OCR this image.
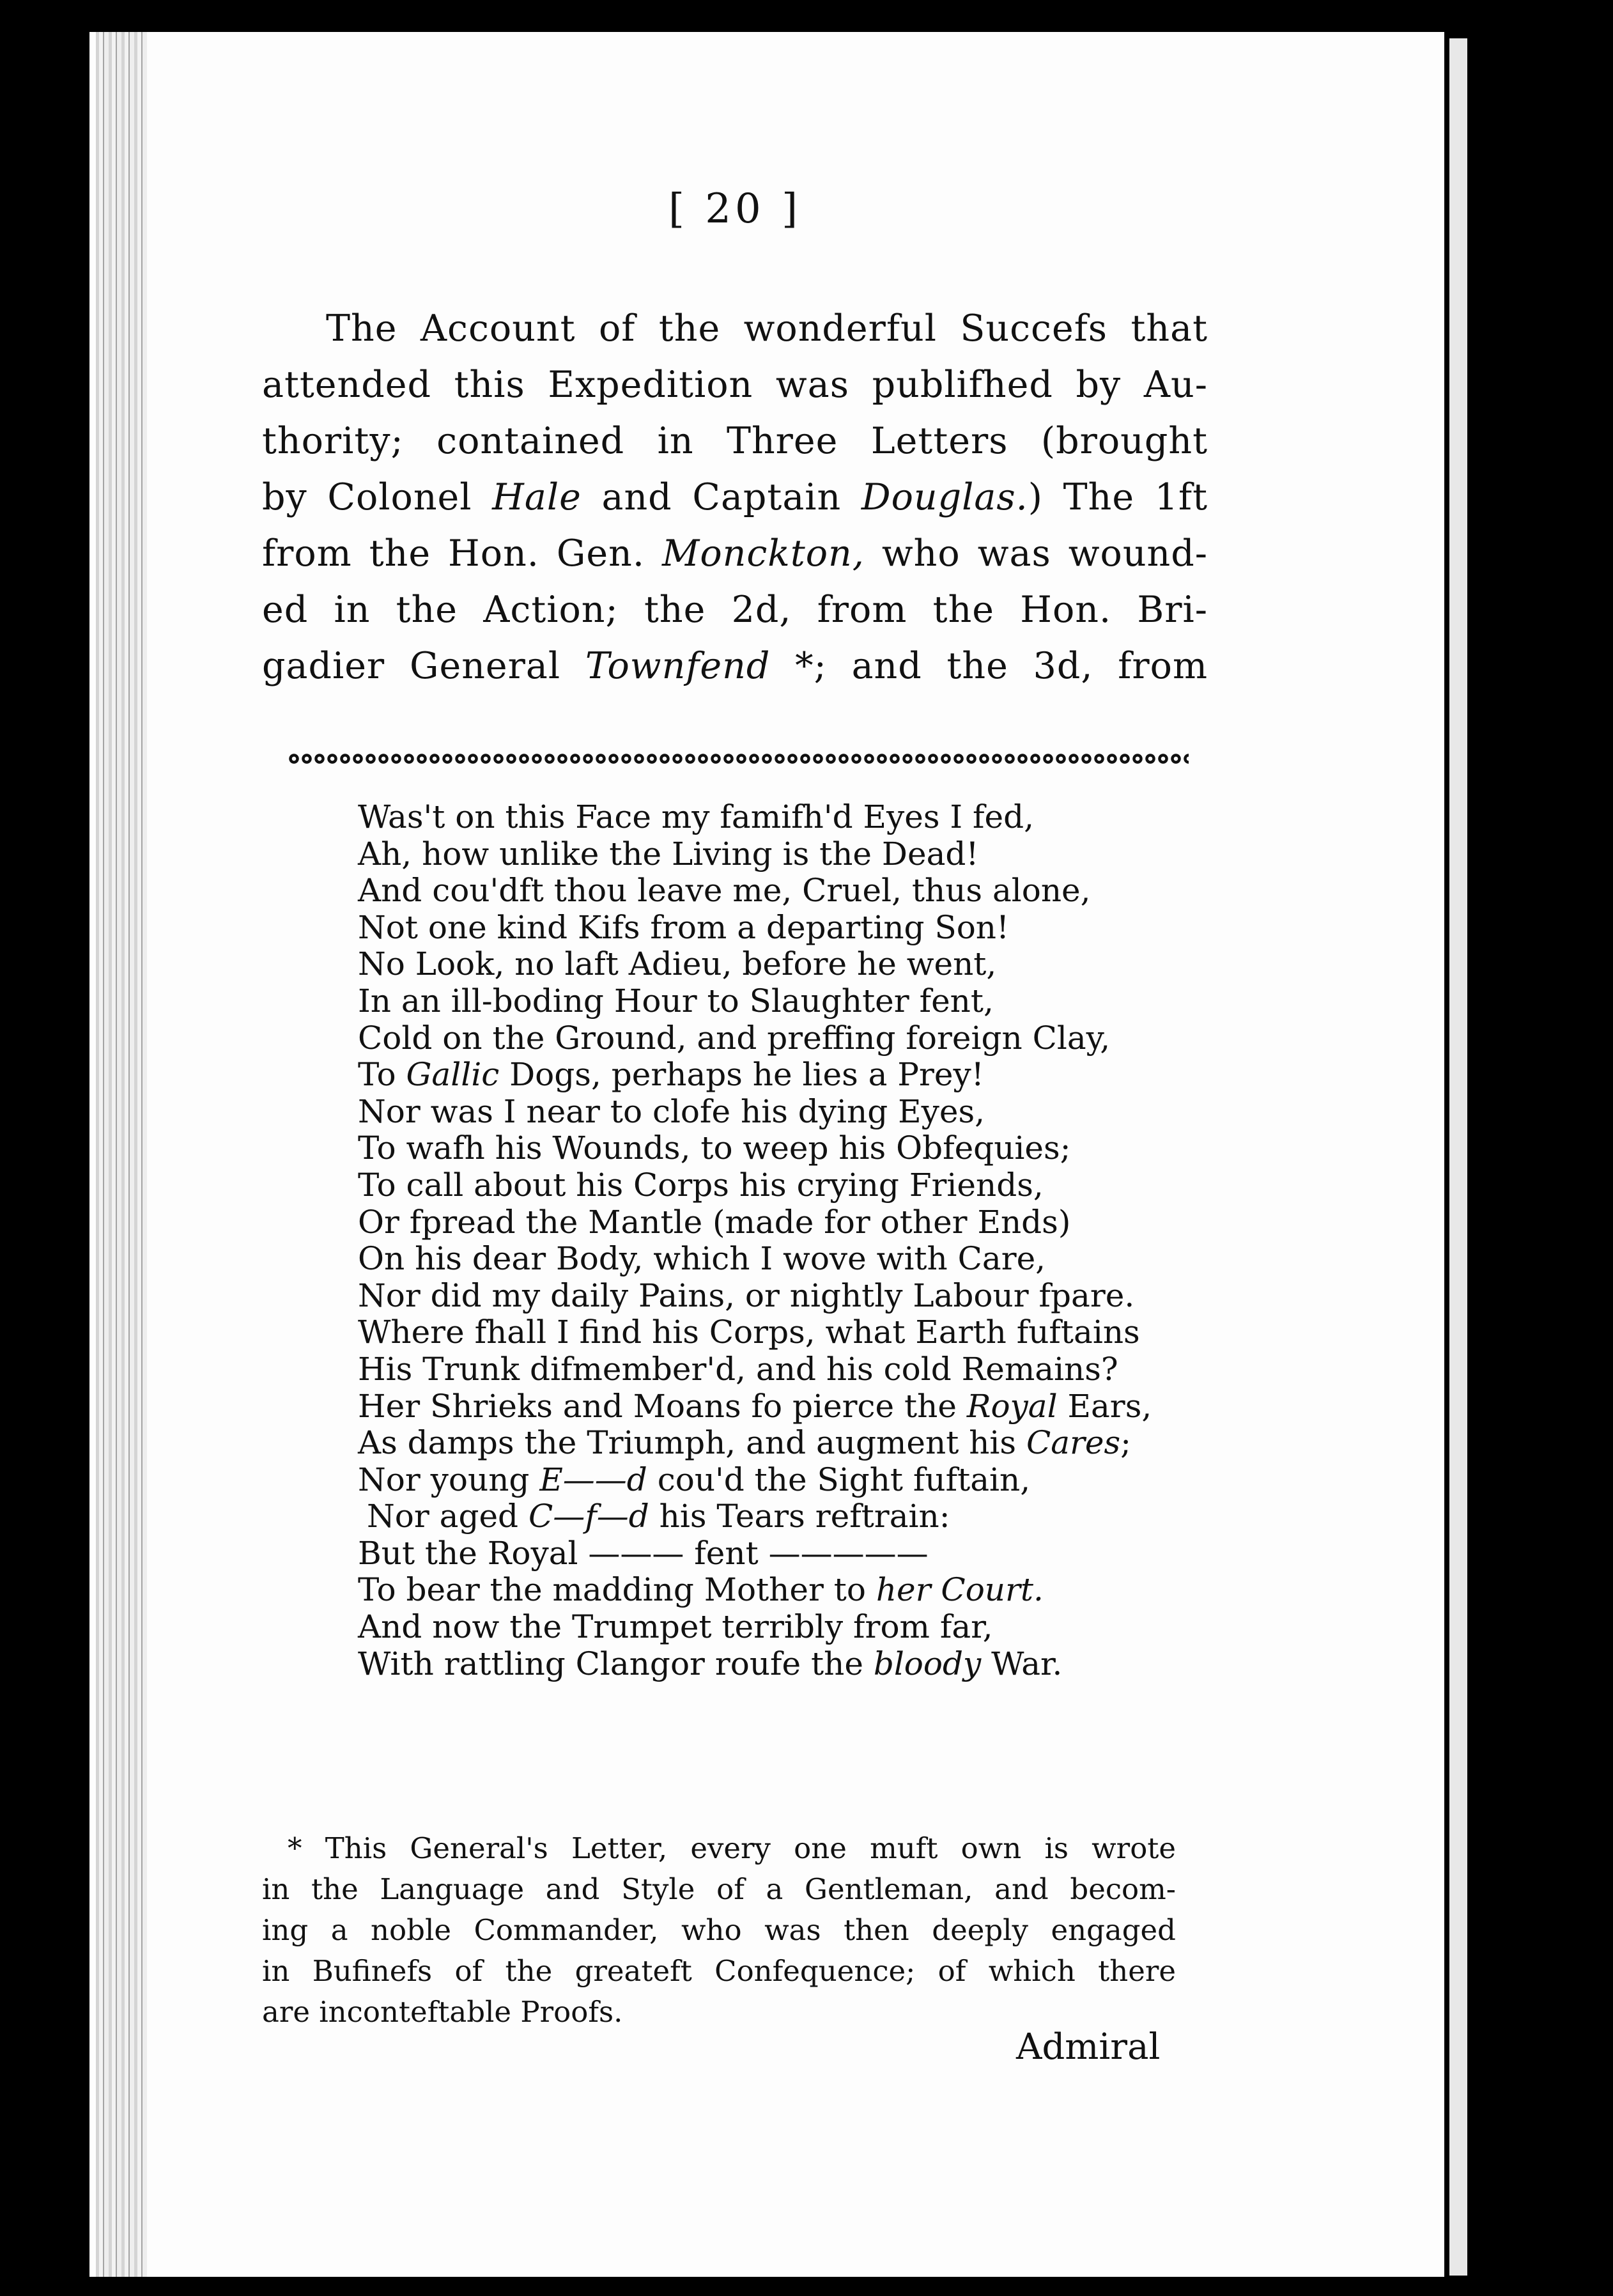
[ 20 ]
The Account of the wonderful Succefs that
attended this Expedition was publifhed by Au-
thority; contained in Three Letters (brought
by Colonel Hale and Captain Douglas.) The 1ft
from the Hon. Gen. Monckton, who was wound-
ed in the Action; the 2d, from the Hon. Bri-
gadier General Townfend *; and the 3d, from
Was't on this Face my famifh'd Eyes I fed,
Ah, how unlike the Living is the Dead!
And cou'dft thou leave me, Cruel, thus alone,
Not one kind Kifs from a departing Son!
No Look, no laft Adieu, before he went,
In an ill-boding Hour to Slaughter fent,
Cold on the Ground, and preffing foreign Clay,
To Gallic Dogs, perhaps he lies a Prey!
Nor was I near to clofe his dying Eyes,
To wafh his Wounds, to weep his Obfequies;
To call about his Corps his crying Friends,
Or fpread the Mantle (made for other Ends)
On his dear Body, which I wove with Care,
Nor did my daily Pains, or nightly Labour fpare.
Where fhall I find his Corps, what Earth fuftains
His Trunk difmember'd, and his cold Remains?
Her Shrieks and Moans fo pierce the Royal Ears,
As damps the Triumph, and augment his Cares;
Nor young E——d cou'd the Sight fuftain,
Nor aged C—f—d his Tears reftrain:
But the Royal ——— fent —————
To bear the madding Mother to her Court.
And now the Trumpet terribly from far,
With rattling Clangor roufe the bloody War.
* This General's Letter, every one muft own is wrote
in the Language and Style of a Gentleman, and becom-
ing a noble Commander, who was then deeply engaged
in Bufinefs of the greateft Confequence; of which there
are inconteftable Proofs.
Admiral
